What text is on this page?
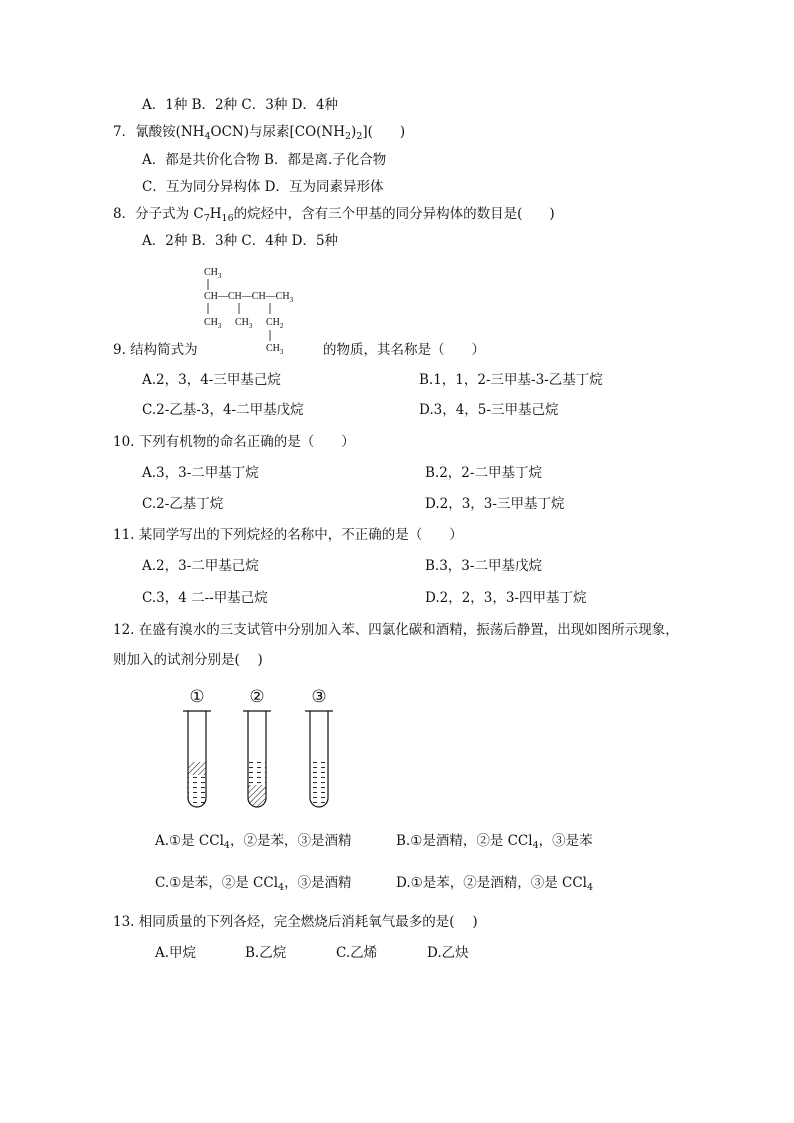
A．1种 B．2种 C．3种 D．4种
7．氰酸铵$(NH_4OCN)$与尿素$[CO(NH_2)_2]$(　　)
A．都是共价化合物 B．都是离.子化合物
C．互为同分异构体 D．互为同素异形体
8．分子式为 $C_7H_{16}$的烷烃中，含有三个甲基的同分异构体的数目是(　　)
A．2种 B．3种 C．4种 D．5种
$CH_3$
$CH—CH—CH—CH_3$
$CH_3$ $CH_3$ $CH_2$
$CH_3$
9. 结构简式为	的物质，其名称是（　　）
A.2，3，4-三甲基己烷	B.1，1，2-三甲基-3-乙基丁烷
C.2-乙基-3，4-二甲基戊烷	D.3，4，5-三甲基己烷
10. 下列有机物的命名正确的是（　　）
A.3，3-二甲基丁烷	B.2，2-二甲基丁烷
C.2-乙基丁烷	D.2，3，3-三甲基丁烷
11. 某同学写出的下列烷烃的名称中，不正确的是（　　）
A.2，3-二甲基己烷	B.3，3-二甲基戊烷
C.3，4 二--甲基己烷	D.2，2，3，3-四甲基丁烷
12. 在盛有溴水的三支试管中分别加入苯、四氯化碳和酒精，振荡后静置，出现如图所示现象，
则加入的试剂分别是(　 )
①	②	③
A.①是 CCl$_4$，②是苯，③是酒精	B.①是酒精，②是 CCl$_4$，③是苯
C.①是苯，②是 CCl$_4$，③是酒精	D.①是苯，②是酒精，③是 CCl$_4$
13. 相同质量的下列各烃，完全燃烧后消耗氧气最多的是(　 )
A.甲烷	B.乙烷	C.乙烯	D.乙炔
